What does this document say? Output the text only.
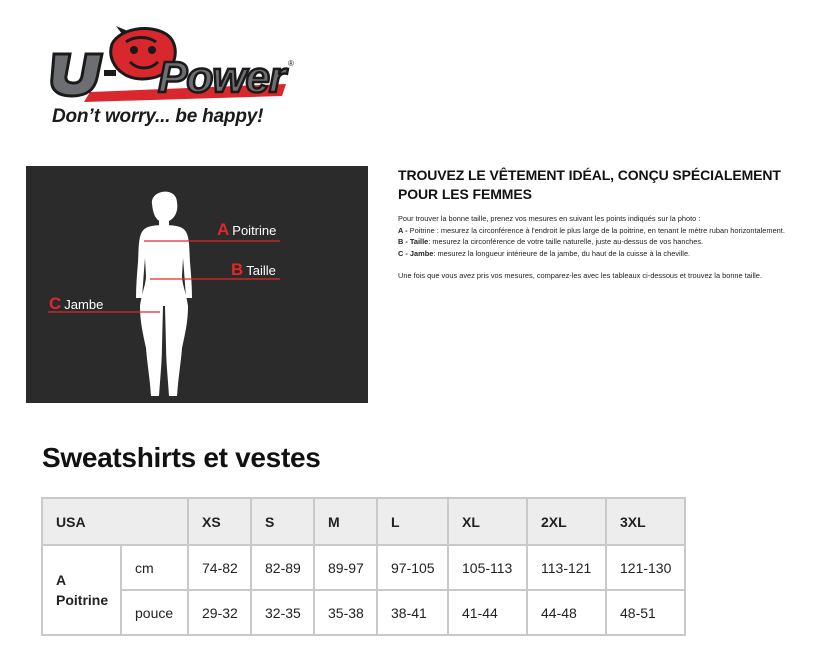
Power ®
Don’t worry... be happy!
A Poitrine
B Taille
C Jambe
TROUVEZ LE VÊTEMENT IDÉAL, CONÇU SPÉCIALEMENT POUR LES FEMMES

Pour trouver la bonne taille, prenez vos mesures en suivant les points indiqués sur la photo :

A - Poitrine : mesurez la circonférence à l'endroit le plus large de la poitrine, en tenant le mètre ruban horizontalement.

B - Taille: mesurez la circonférence de votre taille naturelle, juste au-dessus de vos hanches.

C - Jambe: mesurez la longueur intérieure de la jambe, du haut de la cuisse à la cheville.

Une fois que vous avez pris vos mesures, comparez-les avec les tableaux ci-dessous et trouvez la bonne taille.

Sweatshirts et vestes
USA		XS	S	M	L	XL	2XL	3XL
A
Poitrine	cm	74-82	82-89	89-97	97-105	105-113	113-121	121-130
	pouce	29-32	32-35	35-38	38-41	41-44	44-48	48-51
